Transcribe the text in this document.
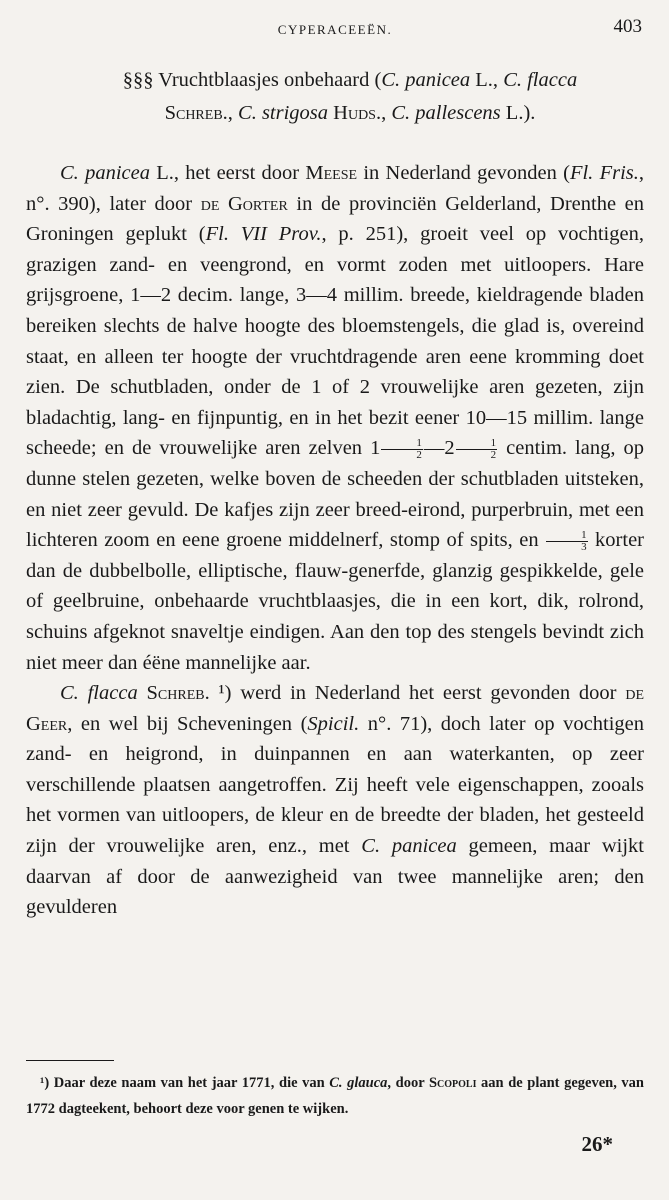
CYPERACEEËN.	403
§§§ Vruchtblaasjes onbehaard (C. panicea L., C. flacca
Schreb., C. strigosa Huds., C. pallescens L.).

C. panicea L., het eerst door Meese in Nederland gevonden (Fl. Fris., n°. 390), later door de Gorter in de provinciën Gelderland, Drenthe en Groningen geplukt (Fl. VII Prov., p. 251), groeit veel op vochtigen, grazigen zand- en veengrond, en vormt zoden met uitloopers. Hare grijsgroene, 1—2 decim. lange, 3—4 millim. breede, kieldragende bladen bereiken slechts de halve hoogte des bloemstengels, die glad is, overeind staat, en alleen ter hoogte der vruchtdragende aren eene kromming doet zien. De schutbladen, onder de 1 of 2 vrouwelijke aren gezeten, zijn bladachtig, lang- en fijnpuntig, en in het bezit eener 10—15 millim. lange scheede; en de vrouwelijke aren zelven $1 \frac{1}{2}$ —2 $\frac{1}{2}$ centim. lang, op dunne stelen gezeten, welke boven de scheeden der schutbladen uitsteken, en niet zeer gevuld. De kafjes zijn zeer breed-eirond, purperbruin, met een lichteren zoom en eene groene middelnerf, stomp of spits, en $\frac{1}{3}$ korter dan de dubbelbolle, elliptische, flauw-generfde, glanzig gespikkelde, gele of geelbruine, onbehaarde vruchtblaasjes, die in een kort, dik, rolrond, schuins afgeknot snaveltje eindigen. Aan den top des stengels bevindt zich niet meer dan éëne mannelijke aar.

C. flacca Schreb. ¹) werd in Nederland het eerst gevonden door de Geer, en wel bij Scheveningen (Spicil. n°. 71), doch later op vochtigen zand- en heigrond, in duinpannen en aan waterkanten, op zeer verschillende plaatsen aangetroffen. Zij heeft vele eigenschappen, zooals het vormen van uitloopers, de kleur en de breedte der bladen, het gesteeld zijn der vrouwelijke aren, enz., met C. panicea gemeen, maar wijkt daarvan af door de aanwezigheid van twee mannelijke aren; den gevulderen

¹) Daar deze naam van het jaar 1771, die van C. glauca, door Scopoli aan de plant gegeven, van 1772 dagteekent, behoort deze voor genen te wijken.

26*
